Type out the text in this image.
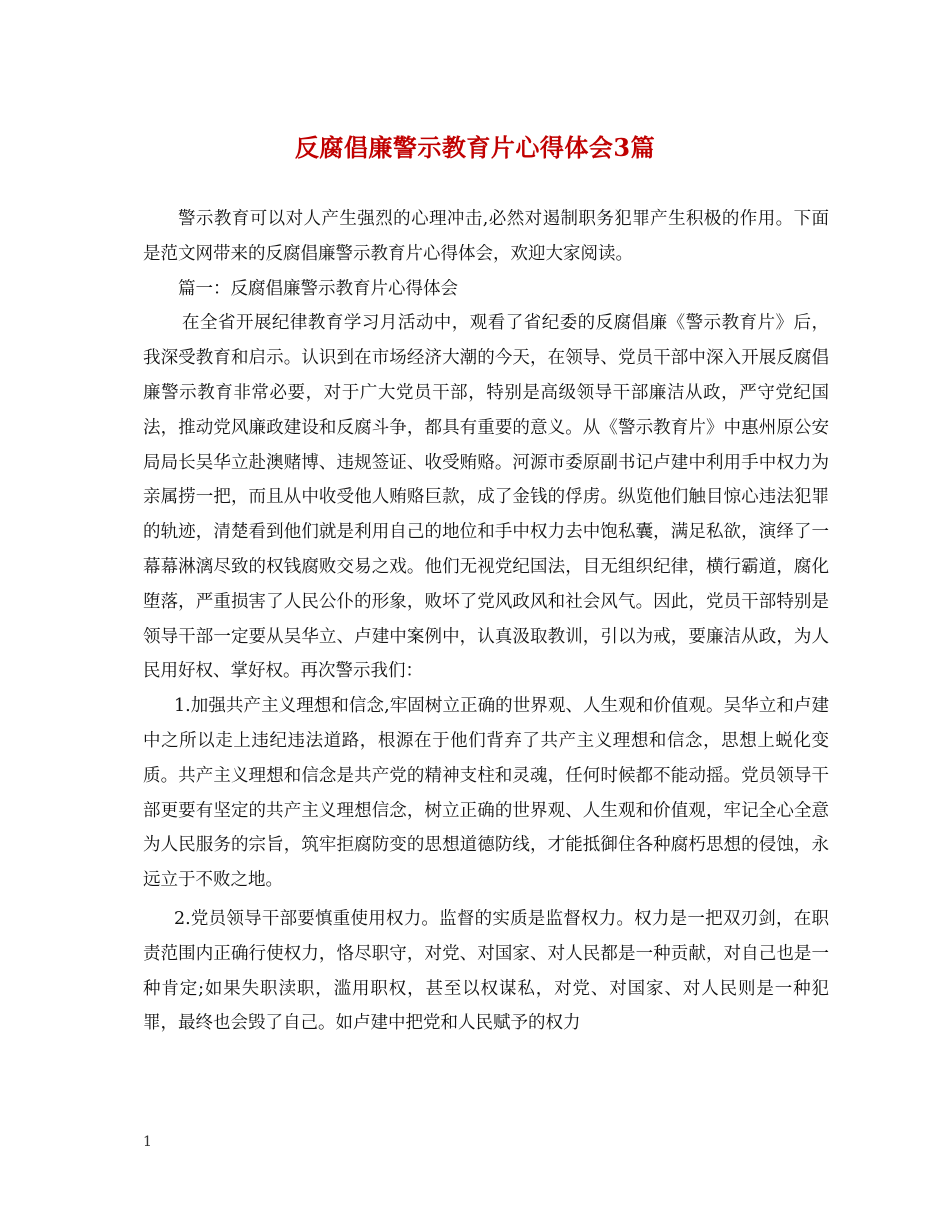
反腐倡廉警示教育片心得体会3篇

警示教育可以对人产生强烈的心理冲击,必然对遏制职务犯罪产生积极的作用。下面是范文网带来的反腐倡廉警示教育片心得体会，欢迎大家阅读。

篇一：反腐倡廉警示教育片心得体会

在全省开展纪律教育学习月活动中，观看了省纪委的反腐倡廉《警示教育片》后，我深受教育和启示。认识到在市场经济大潮的今天，在领导、党员干部中深入开展反腐倡廉警示教育非常必要，对于广大党员干部，特别是高级领导干部廉洁从政，严守党纪国法，推动党风廉政建设和反腐斗争，都具有重要的意义。从《警示教育片》中惠州原公安局局长吴华立赴澳赌博、违规签证、收受贿赂。河源市委原副书记卢建中利用手中权力为亲属捞一把，而且从中收受他人贿赂巨款，成了金钱的俘虏。纵览他们触目惊心违法犯罪的轨迹，清楚看到他们就是利用自己的地位和手中权力去中饱私囊，满足私欲，演绎了一幕幕淋漓尽致的权钱腐败交易之戏。他们无视党纪国法，目无组织纪律，横行霸道，腐化堕落，严重损害了人民公仆的形象，败坏了党风政风和社会风气。因此，党员干部特别是领导干部一定要从吴华立、卢建中案例中，认真汲取教训，引以为戒，要廉洁从政，为人民用好权、掌好权。再次警示我们：

1.加强共产主义理想和信念,牢固树立正确的世界观、人生观和价值观。吴华立和卢建中之所以走上违纪违法道路，根源在于他们背弃了共产主义理想和信念，思想上蜕化变质。共产主义理想和信念是共产党的精神支柱和灵魂，任何时候都不能动摇。党员领导干部更要有坚定的共产主义理想信念，树立正确的世界观、人生观和价值观，牢记全心全意为人民服务的宗旨，筑牢拒腐防变的思想道德防线，才能抵御住各种腐朽思想的侵蚀，永远立于不败之地。

2.党员领导干部要慎重使用权力。监督的实质是监督权力。权力是一把双刃剑，在职责范围内正确行使权力，恪尽职守，对党、对国家、对人民都是一种贡献，对自己也是一种肯定;如果失职渎职，滥用职权，甚至以权谋私，对党、对国家、对人民则是一种犯罪，最终也会毁了自己。如卢建中把党和人民赋予的权力

1
